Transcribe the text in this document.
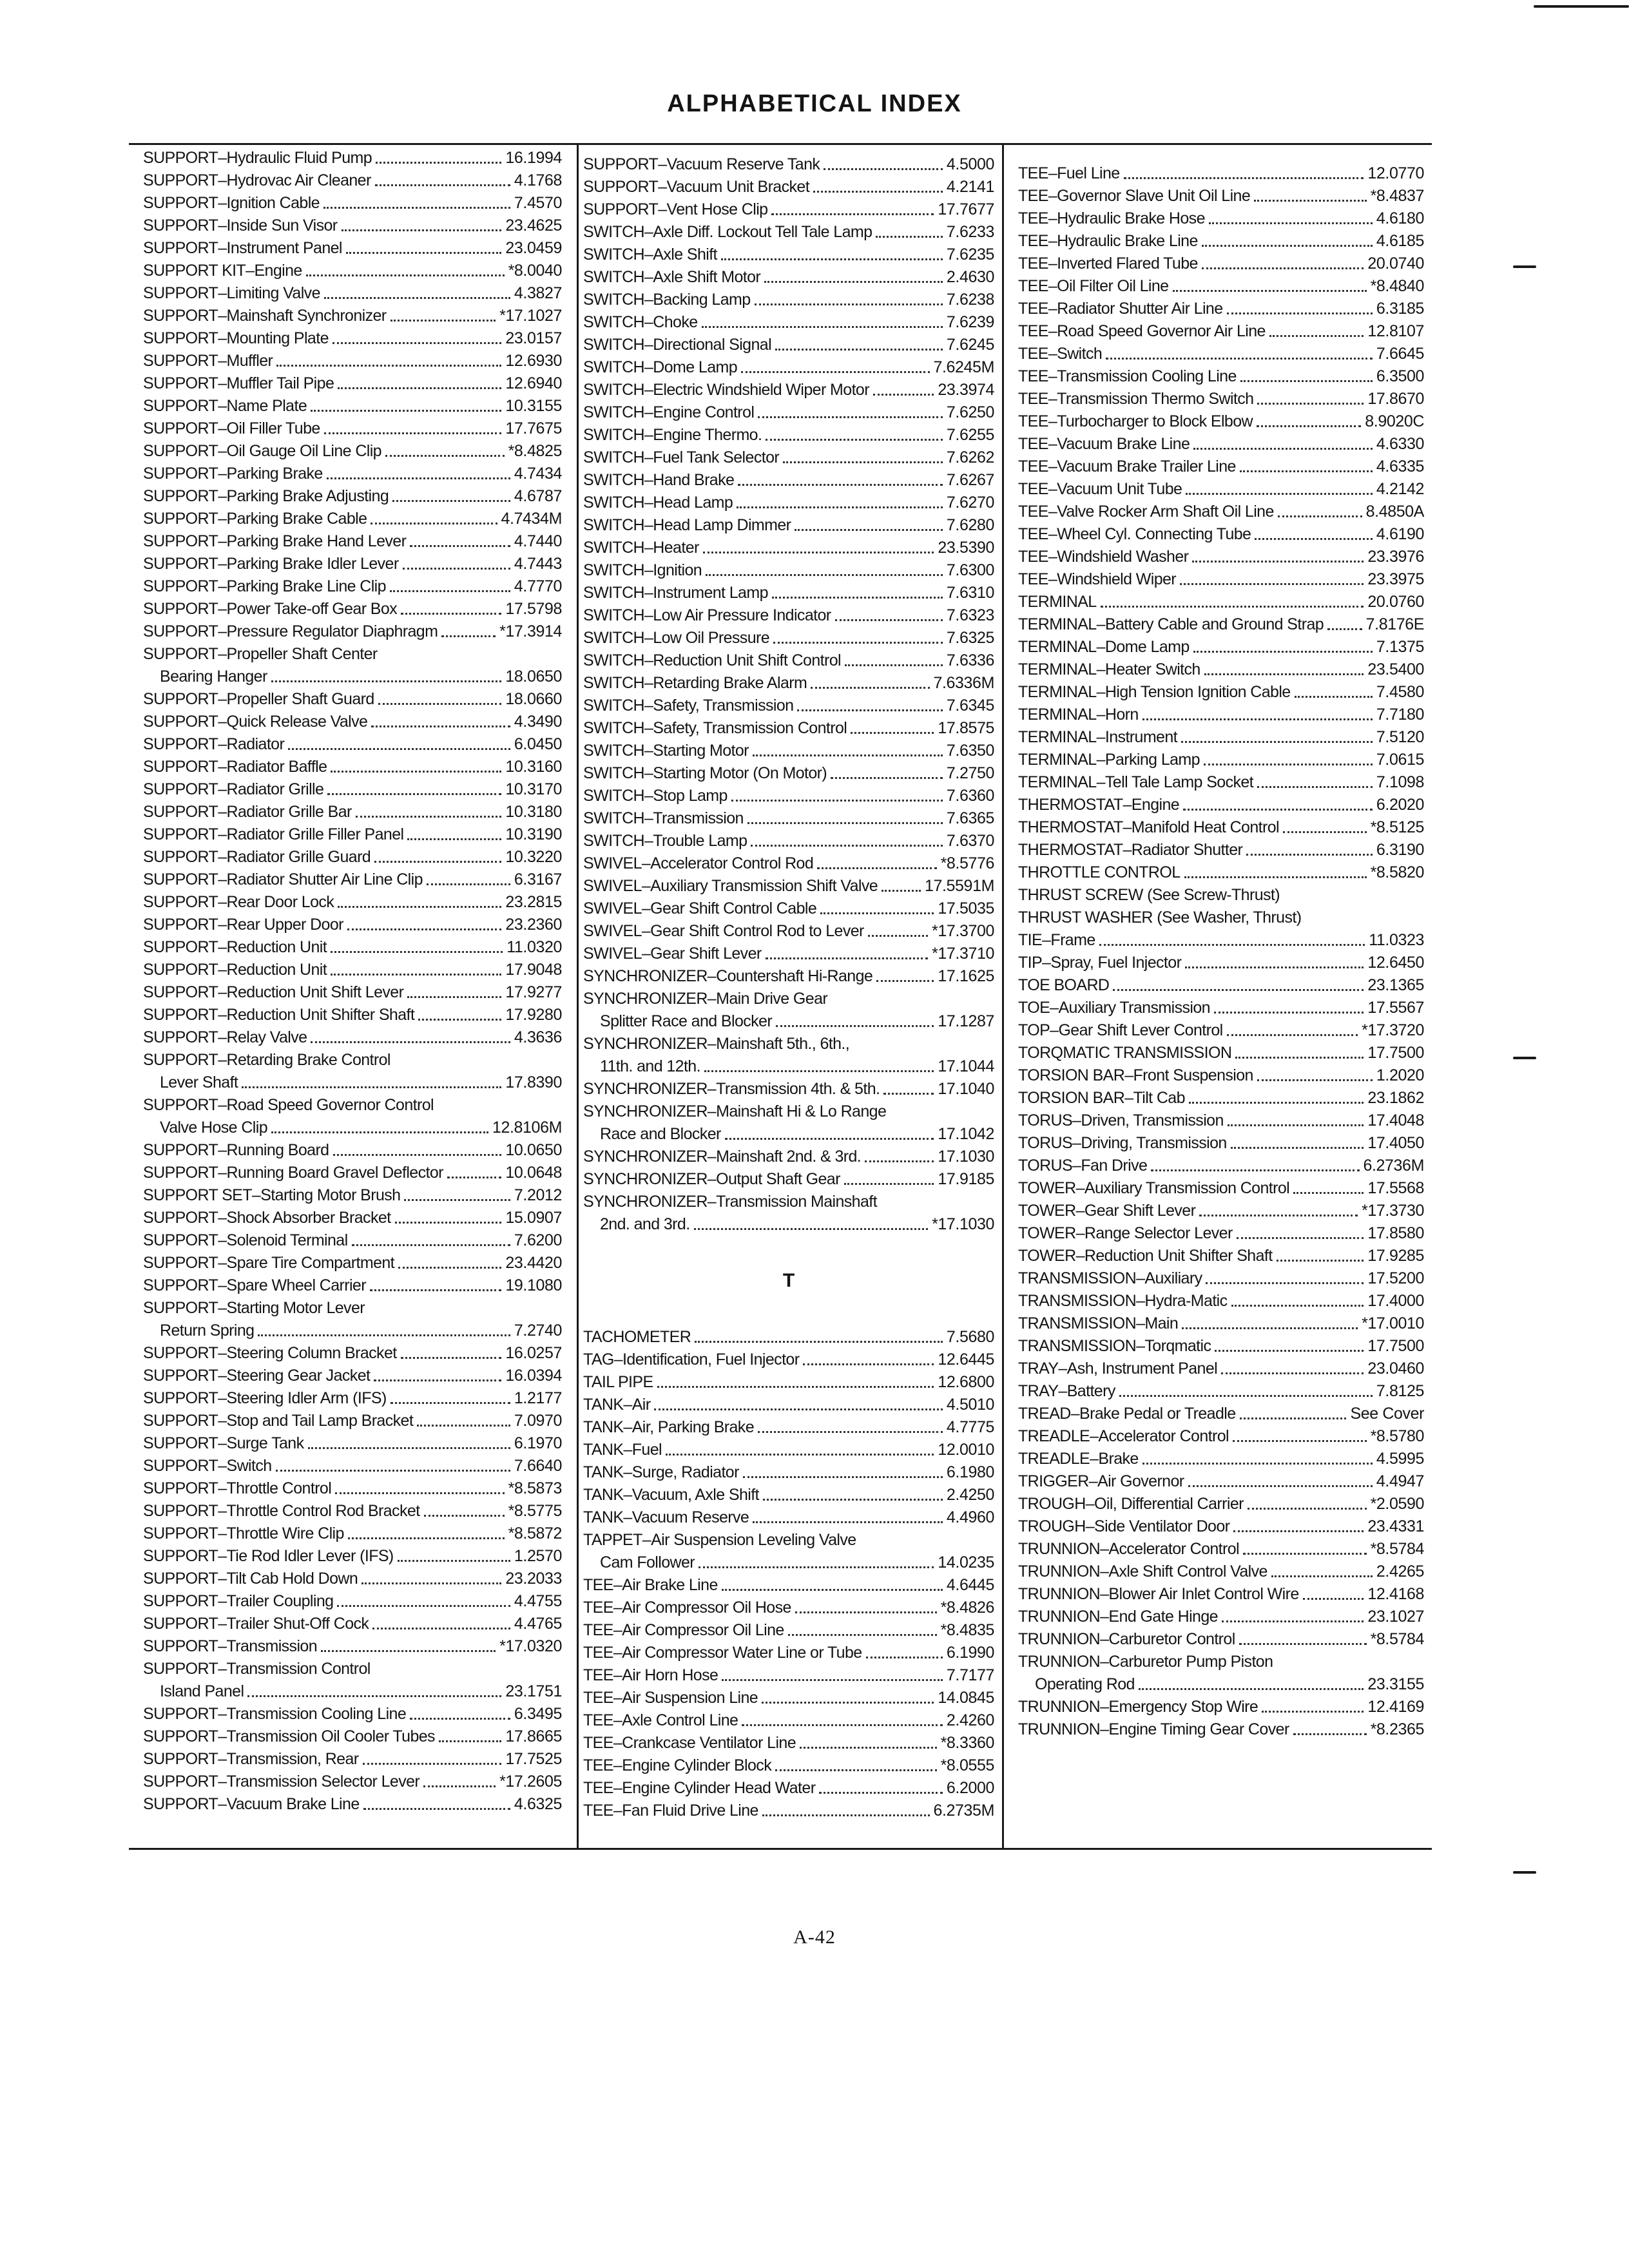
ALPHABETICAL INDEX
SUPPORT–Hydraulic Fluid Pump	16.1994
SUPPORT–Hydrovac Air Cleaner	4.1768
SUPPORT–Ignition Cable	7.4570
SUPPORT–Inside Sun Visor	23.4625
SUPPORT–Instrument Panel	23.0459
SUPPORT KIT–Engine	*8.0040
SUPPORT–Limiting Valve	4.3827
SUPPORT–Mainshaft Synchronizer	*17.1027
SUPPORT–Mounting Plate	23.0157
SUPPORT–Muffler	12.6930
SUPPORT–Muffler Tail Pipe	12.6940
SUPPORT–Name Plate	10.3155
SUPPORT–Oil Filler Tube	17.7675
SUPPORT–Oil Gauge Oil Line Clip	*8.4825
SUPPORT–Parking Brake	4.7434
SUPPORT–Parking Brake Adjusting	4.6787
SUPPORT–Parking Brake Cable	4.7434M
SUPPORT–Parking Brake Hand Lever	4.7440
SUPPORT–Parking Brake Idler Lever	4.7443
SUPPORT–Parking Brake Line Clip	4.7770
SUPPORT–Power Take-off Gear Box	17.5798
SUPPORT–Pressure Regulator Diaphragm	*17.3914
SUPPORT–Propeller Shaft Center
Bearing Hanger	18.0650
SUPPORT–Propeller Shaft Guard	18.0660
SUPPORT–Quick Release Valve	4.3490
SUPPORT–Radiator	6.0450
SUPPORT–Radiator Baffle	10.3160
SUPPORT–Radiator Grille	10.3170
SUPPORT–Radiator Grille Bar	10.3180
SUPPORT–Radiator Grille Filler Panel	10.3190
SUPPORT–Radiator Grille Guard	10.3220
SUPPORT–Radiator Shutter Air Line Clip	6.3167
SUPPORT–Rear Door Lock	23.2815
SUPPORT–Rear Upper Door	23.2360
SUPPORT–Reduction Unit	11.0320
SUPPORT–Reduction Unit	17.9048
SUPPORT–Reduction Unit Shift Lever	17.9277
SUPPORT–Reduction Unit Shifter Shaft	17.9280
SUPPORT–Relay Valve	4.3636
SUPPORT–Retarding Brake Control
Lever Shaft	17.8390
SUPPORT–Road Speed Governor Control
Valve Hose Clip	12.8106M
SUPPORT–Running Board	10.0650
SUPPORT–Running Board Gravel Deflector	10.0648
SUPPORT SET–Starting Motor Brush	7.2012
SUPPORT–Shock Absorber Bracket	15.0907
SUPPORT–Solenoid Terminal	7.6200
SUPPORT–Spare Tire Compartment	23.4420
SUPPORT–Spare Wheel Carrier	19.1080
SUPPORT–Starting Motor Lever
Return Spring	7.2740
SUPPORT–Steering Column Bracket	16.0257
SUPPORT–Steering Gear Jacket	16.0394
SUPPORT–Steering Idler Arm (IFS)	1.2177
SUPPORT–Stop and Tail Lamp Bracket	7.0970
SUPPORT–Surge Tank	6.1970
SUPPORT–Switch	7.6640
SUPPORT–Throttle Control	*8.5873
SUPPORT–Throttle Control Rod Bracket	*8.5775
SUPPORT–Throttle Wire Clip	*8.5872
SUPPORT–Tie Rod Idler Lever (IFS)	1.2570
SUPPORT–Tilt Cab Hold Down	23.2033
SUPPORT–Trailer Coupling	4.4755
SUPPORT–Trailer Shut-Off Cock	4.4765
SUPPORT–Transmission	*17.0320
SUPPORT–Transmission Control
Island Panel	23.1751
SUPPORT–Transmission Cooling Line	6.3495
SUPPORT–Transmission Oil Cooler Tubes	17.8665
SUPPORT–Transmission, Rear	17.7525
SUPPORT–Transmission Selector Lever	*17.2605
SUPPORT–Vacuum Brake Line	4.6325
SUPPORT–Vacuum Reserve Tank	4.5000
SUPPORT–Vacuum Unit Bracket	4.2141
SUPPORT–Vent Hose Clip	17.7677
SWITCH–Axle Diff. Lockout Tell Tale Lamp	7.6233
SWITCH–Axle Shift	7.6235
SWITCH–Axle Shift Motor	2.4630
SWITCH–Backing Lamp	7.6238
SWITCH–Choke	7.6239
SWITCH–Directional Signal	7.6245
SWITCH–Dome Lamp	7.6245M
SWITCH–Electric Windshield Wiper Motor	23.3974
SWITCH–Engine Control	7.6250
SWITCH–Engine Thermo.	7.6255
SWITCH–Fuel Tank Selector	7.6262
SWITCH–Hand Brake	7.6267
SWITCH–Head Lamp	7.6270
SWITCH–Head Lamp Dimmer	7.6280
SWITCH–Heater	23.5390
SWITCH–Ignition	7.6300
SWITCH–Instrument Lamp	7.6310
SWITCH–Low Air Pressure Indicator	7.6323
SWITCH–Low Oil Pressure	7.6325
SWITCH–Reduction Unit Shift Control	7.6336
SWITCH–Retarding Brake Alarm	7.6336M
SWITCH–Safety, Transmission	7.6345
SWITCH–Safety, Transmission Control	17.8575
SWITCH–Starting Motor	7.6350
SWITCH–Starting Motor (On Motor)	7.2750
SWITCH–Stop Lamp	7.6360
SWITCH–Transmission	7.6365
SWITCH–Trouble Lamp	7.6370
SWIVEL–Accelerator Control Rod	*8.5776
SWIVEL–Auxiliary Transmission Shift Valve	17.5591M
SWIVEL–Gear Shift Control Cable	17.5035
SWIVEL–Gear Shift Control Rod to Lever	*17.3700
SWIVEL–Gear Shift Lever	*17.3710
SYNCHRONIZER–Countershaft Hi-Range	17.1625
SYNCHRONIZER–Main Drive Gear
Splitter Race and Blocker	17.1287
SYNCHRONIZER–Mainshaft 5th., 6th.,
11th. and 12th.	17.1044
SYNCHRONIZER–Transmission 4th. & 5th.	17.1040
SYNCHRONIZER–Mainshaft Hi & Lo Range
Race and Blocker	17.1042
SYNCHRONIZER–Mainshaft 2nd. & 3rd.	17.1030
SYNCHRONIZER–Output Shaft Gear	17.9185
SYNCHRONIZER–Transmission Mainshaft
2nd. and 3rd.	*17.1030
T
TACHOMETER	7.5680
TAG–Identification, Fuel Injector	12.6445
TAIL PIPE	12.6800
TANK–Air	4.5010
TANK–Air, Parking Brake	4.7775
TANK–Fuel	12.0010
TANK–Surge, Radiator	6.1980
TANK–Vacuum, Axle Shift	2.4250
TANK–Vacuum Reserve	4.4960
TAPPET–Air Suspension Leveling Valve
Cam Follower	14.0235
TEE–Air Brake Line	4.6445
TEE–Air Compressor Oil Hose	*8.4826
TEE–Air Compressor Oil Line	*8.4835
TEE–Air Compressor Water Line or Tube	6.1990
TEE–Air Horn Hose	7.7177
TEE–Air Suspension Line	14.0845
TEE–Axle Control Line	2.4260
TEE–Crankcase Ventilator Line	*8.3360
TEE–Engine Cylinder Block	*8.0555
TEE–Engine Cylinder Head Water	6.2000
TEE–Fan Fluid Drive Line	6.2735M
TEE–Fuel Line	12.0770
TEE–Governor Slave Unit Oil Line	*8.4837
TEE–Hydraulic Brake Hose	4.6180
TEE–Hydraulic Brake Line	4.6185
TEE–Inverted Flared Tube	20.0740
TEE–Oil Filter Oil Line	*8.4840
TEE–Radiator Shutter Air Line	6.3185
TEE–Road Speed Governor Air Line	12.8107
TEE–Switch	7.6645
TEE–Transmission Cooling Line	6.3500
TEE–Transmission Thermo Switch	17.8670
TEE–Turbocharger to Block Elbow	8.9020C
TEE–Vacuum Brake Line	4.6330
TEE–Vacuum Brake Trailer Line	4.6335
TEE–Vacuum Unit Tube	4.2142
TEE–Valve Rocker Arm Shaft Oil Line	8.4850A
TEE–Wheel Cyl. Connecting Tube	4.6190
TEE–Windshield Washer	23.3976
TEE–Windshield Wiper	23.3975
TERMINAL	20.0760
TERMINAL–Battery Cable and Ground Strap	7.8176E
TERMINAL–Dome Lamp	7.1375
TERMINAL–Heater Switch	23.5400
TERMINAL–High Tension Ignition Cable	7.4580
TERMINAL–Horn	7.7180
TERMINAL–Instrument	7.5120
TERMINAL–Parking Lamp	7.0615
TERMINAL–Tell Tale Lamp Socket	7.1098
THERMOSTAT–Engine	6.2020
THERMOSTAT–Manifold Heat Control	*8.5125
THERMOSTAT–Radiator Shutter	6.3190
THROTTLE CONTROL	*8.5820
THRUST SCREW (See Screw-Thrust)
THRUST WASHER (See Washer, Thrust)
TIE–Frame	11.0323
TIP–Spray, Fuel Injector	12.6450
TOE BOARD	23.1365
TOE–Auxiliary Transmission	17.5567
TOP–Gear Shift Lever Control	*17.3720
TORQMATIC TRANSMISSION	17.7500
TORSION BAR–Front Suspension	1.2020
TORSION BAR–Tilt Cab	23.1862
TORUS–Driven, Transmission	17.4048
TORUS–Driving, Transmission	17.4050
TORUS–Fan Drive	6.2736M
TOWER–Auxiliary Transmission Control	17.5568
TOWER–Gear Shift Lever	*17.3730
TOWER–Range Selector Lever	17.8580
TOWER–Reduction Unit Shifter Shaft	17.9285
TRANSMISSION–Auxiliary	17.5200
TRANSMISSION–Hydra-Matic	17.4000
TRANSMISSION–Main	*17.0010
TRANSMISSION–Torqmatic	17.7500
TRAY–Ash, Instrument Panel	23.0460
TRAY–Battery	7.8125
TREAD–Brake Pedal or Treadle	See Cover
TREADLE–Accelerator Control	*8.5780
TREADLE–Brake	4.5995
TRIGGER–Air Governor	4.4947
TROUGH–Oil, Differential Carrier	*2.0590
TROUGH–Side Ventilator Door	23.4331
TRUNNION–Accelerator Control	*8.5784
TRUNNION–Axle Shift Control Valve	2.4265
TRUNNION–Blower Air Inlet Control Wire	12.4168
TRUNNION–End Gate Hinge	23.1027
TRUNNION–Carburetor Control	*8.5784
TRUNNION–Carburetor Pump Piston
Operating Rod	23.3155
TRUNNION–Emergency Stop Wire	12.4169
TRUNNION–Engine Timing Gear Cover	*8.2365
A-42
